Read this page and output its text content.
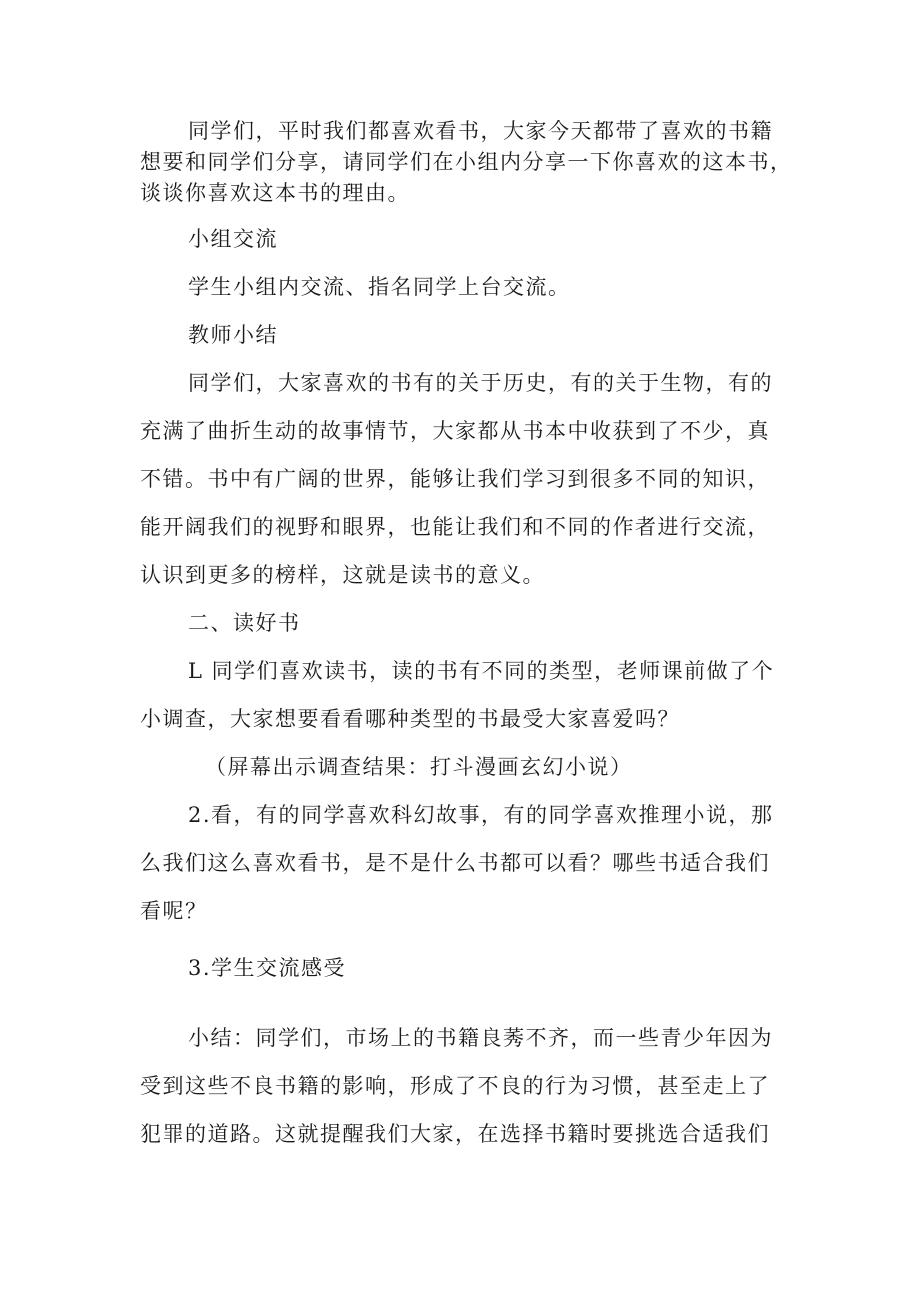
同学们，平时我们都喜欢看书，大家今天都带了喜欢的书籍
想要和同学们分享，请同学们在小组内分享一下你喜欢的这本书，
谈谈你喜欢这本书的理由。
小组交流
学生小组内交流、指名同学上台交流。
教师小结
同学们，大家喜欢的书有的关于历史，有的关于生物，有的
充满了曲折生动的故事情节，大家都从书本中收获到了不少，真
不错。书中有广阔的世界，能够让我们学习到很多不同的知识，
能开阔我们的视野和眼界，也能让我们和不同的作者进行交流，
认识到更多的榜样，这就是读书的意义。
二、读好书
L 同学们喜欢读书，读的书有不同的类型，老师课前做了个
小调查，大家想要看看哪种类型的书最受大家喜爱吗？
（屏幕出示调查结果：打斗漫画玄幻小说）
2.看，有的同学喜欢科幻故事，有的同学喜欢推理小说，那
么我们这么喜欢看书，是不是什么书都可以看？哪些书适合我们
看呢？
3.学生交流感受
小结：同学们，市场上的书籍良莠不齐，而一些青少年因为
受到这些不良书籍的影响，形成了不良的行为习惯，甚至走上了
犯罪的道路。这就提醒我们大家，在选择书籍时要挑选合适我们
